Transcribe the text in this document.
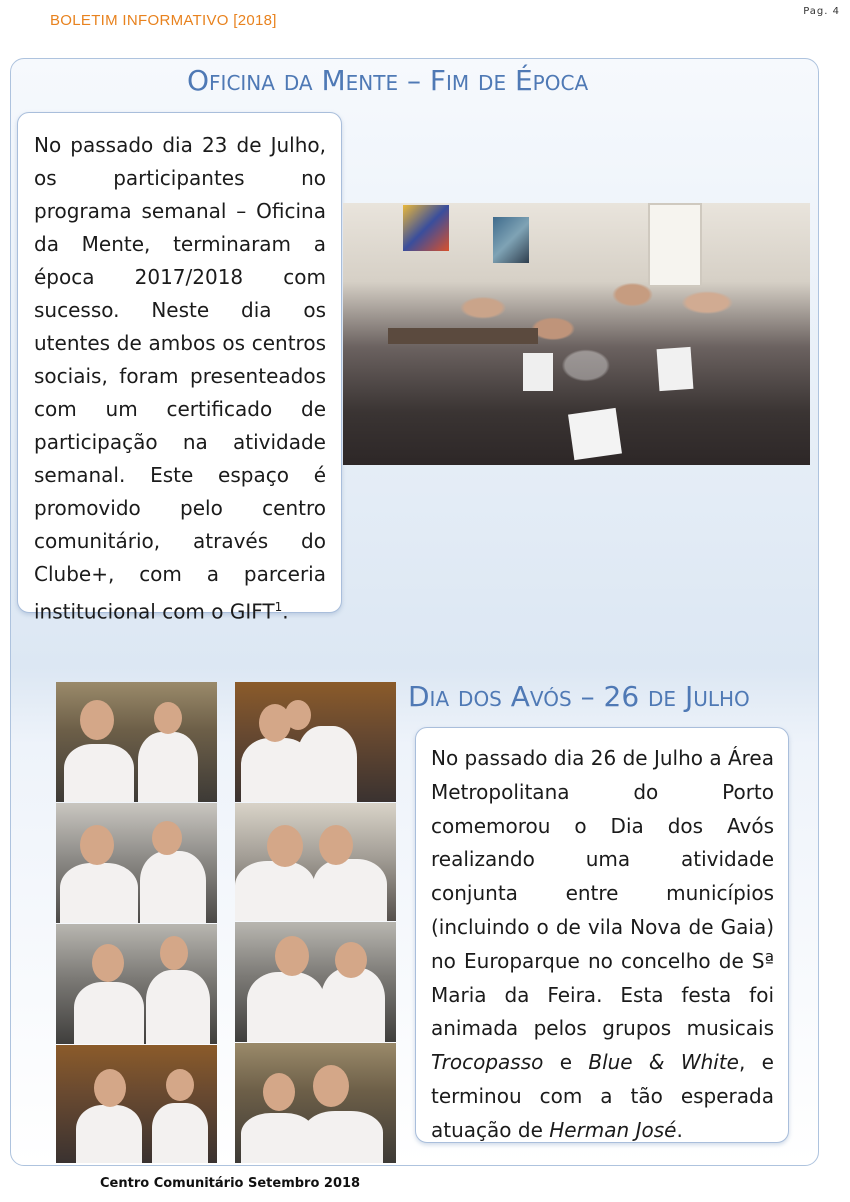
BOLETIM INFORMATIVO [2018]
Pag. 4
Oficina da Mente – Fim de Época
No passado dia 23 de Julho, os participantes no programa semanal – Oficina da Mente, terminaram a época 2017/2018 com sucesso. Neste dia os utentes de ambos os centros sociais, foram presenteados com um certificado de participação na atividade semanal. Este espaço é promovido pelo centro comunitário, através do Clube+, com a parceria institucional com o GIFT$^1$.
Dia dos Avós – 26 de Julho
No passado dia 26 de Julho a Área Metropolitana do Porto comemorou o Dia dos Avós realizando uma atividade conjunta entre municípios (incluindo o de vila Nova de Gaia) no Europarque no concelho de Sª Maria da Feira. Esta festa foi animada pelos grupos musicais Trocopasso e Blue & White, e terminou com a tão esperada atuação de Herman José.
Centro Comunitário Setembro 2018
